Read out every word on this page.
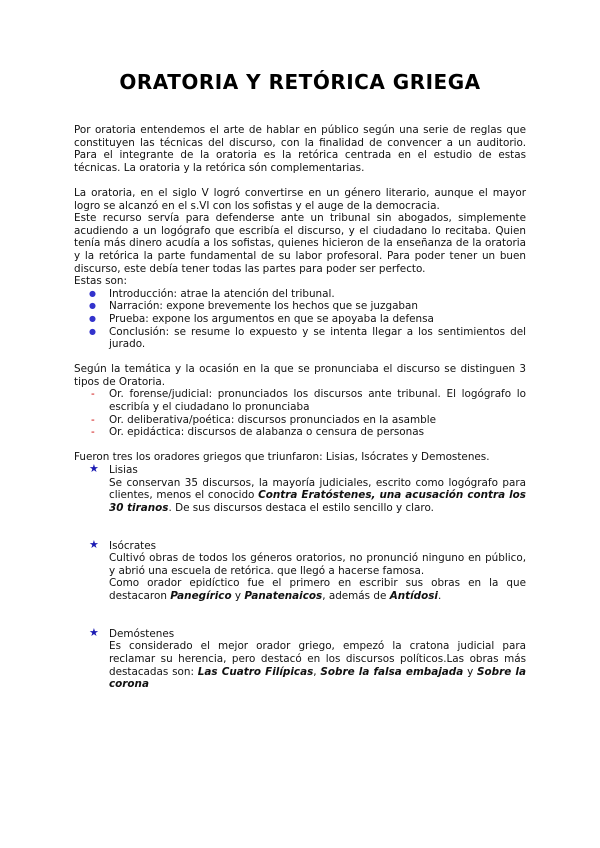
ORATORIA Y RETÓRICA GRIEGA

Por oratoria entendemos el arte de hablar en público según una serie de reglas que constituyen las técnicas del discurso, con la finalidad de convencer a un auditorio. Para el integrante de la oratoria es la retórica centrada en el estudio de estas técnicas. La oratoria y la retórica són complementarias.

La oratoria, en el siglo V logró convertirse en un género literario, aunque el mayor logro se alcanzó en el s.VI con los sofistas y el auge de la democracia.

Este recurso servía para defenderse ante un tribunal sin abogados, simplemente acudiendo a un logógrafo que escribía el discurso, y el ciudadano lo recitaba. Quien tenía más dinero acudía a los sofistas, quienes hicieron de la enseñanza de la oratoria y la retórica la parte fundamental de su labor profesoral. Para poder tener un buen discurso, este debía tener todas las partes para poder ser perfecto.

Estas son:

● Introducción: atrae la atención del tribunal.
● Narración: expone brevemente los hechos que se juzgaban
● Prueba: expone los argumentos en que se apoyaba la defensa
● Conclusión: se resume lo expuesto y se intenta llegar a los sentimientos del jurado.

Según la temática y la ocasión en la que se pronunciaba el discurso se distinguen 3 tipos de Oratoria.

- Or. forense/judicial: pronunciados los discursos ante tribunal. El logógrafo lo escribía y el ciudadano lo pronunciaba
- Or. deliberativa/poética: discursos pronunciados en la asamble
- Or. epidáctica: discursos de alabanza o censura de personas

Fueron tres los oradores griegos que triunfaron: Lisias, Isócrates y Demostenes.

★ Lisias
Se conservan 35 discursos, la mayoría judiciales, escrito como logógrafo para clientes, menos el conocido Contra Eratóstenes, una acusación contra los 30 tiranos. De sus discursos destaca el estilo sencillo y claro.
★ Isócrates
Cultivó obras de todos los géneros oratorios, no pronunció ninguno en público, y abrió una escuela de retórica. que llegó a hacerse famosa.
Como orador epidíctico fue el primero en escribir sus obras en la que destacaron Panegírico y Panatenaicos, además de Antídosi.
★ Demóstenes
Es considerado el mejor orador griego, empezó la cratona judicial para reclamar su herencia, pero destacó en los discursos políticos.Las obras más destacadas son: Las Cuatro Filípicas, Sobre la falsa embajada y Sobre la corona
